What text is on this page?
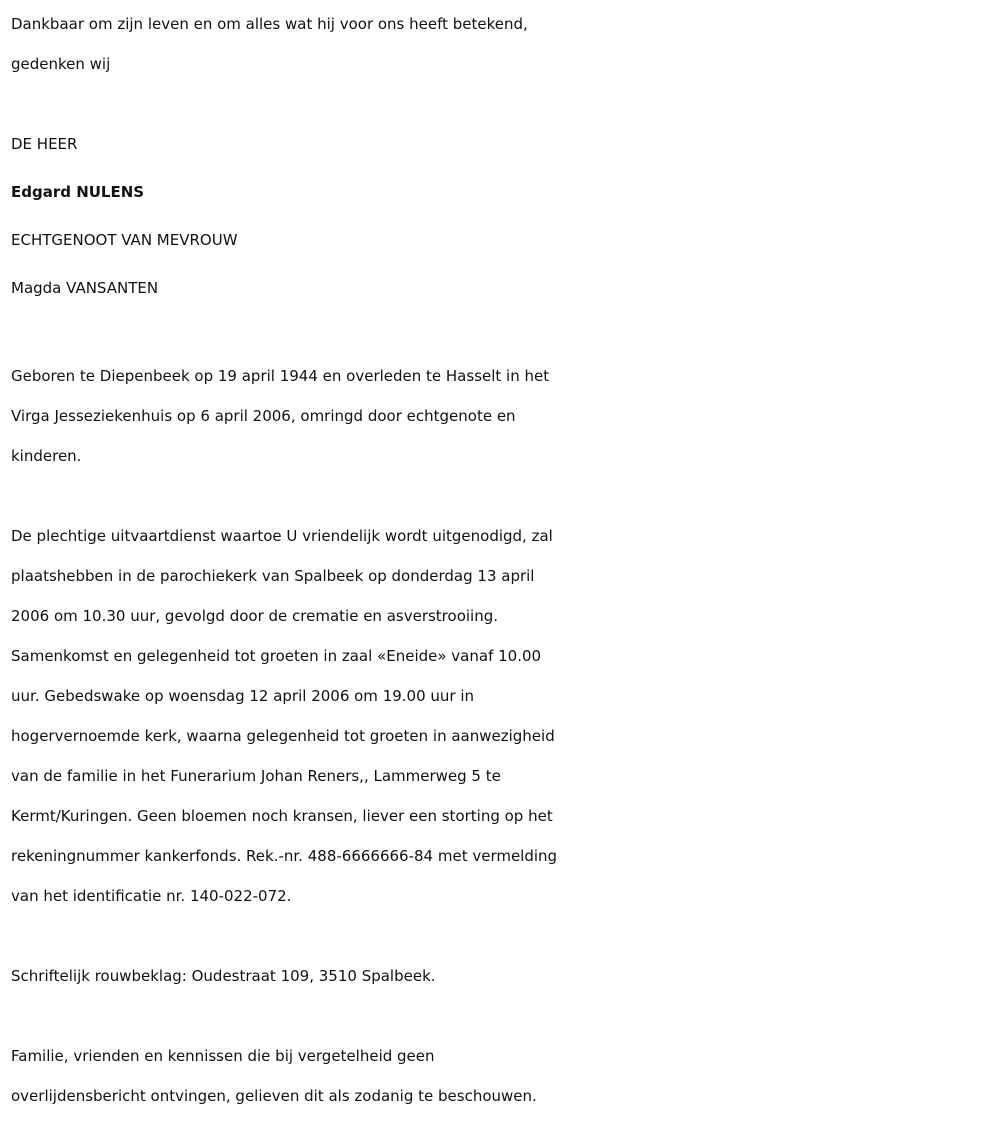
Dankbaar om zijn leven en om alles wat hij voor ons heeft betekend,
gedenken wij
DE HEER
Edgard NULENS
ECHTGENOOT VAN MEVROUW
Magda VANSANTEN
Geboren te Diepenbeek op 19 april 1944 en overleden te Hasselt in het
Virga Jesseziekenhuis op 6 april 2006, omringd door echtgenote en
kinderen.
De plechtige uitvaartdienst waartoe U vriendelijk wordt uitgenodigd, zal
plaatshebben in de parochiekerk van Spalbeek op donderdag 13 april
2006 om 10.30 uur, gevolgd door de crematie en asverstrooiing.
Samenkomst en gelegenheid tot groeten in zaal «Eneide» vanaf 10.00
uur. Gebedswake op woensdag 12 april 2006 om 19.00 uur in
hogervernoemde kerk, waarna gelegenheid tot groeten in aanwezigheid
van de familie in het Funerarium Johan Reners,, Lammerweg 5 te
Kermt/Kuringen. Geen bloemen noch kransen, liever een storting op het
rekeningnummer kankerfonds. Rek.-nr. 488-6666666-84 met vermelding
van het identificatie nr. 140-022-072.
Schriftelijk rouwbeklag: Oudestraat 109, 3510 Spalbeek.
Familie, vrienden en kennissen die bij vergetelheid geen
overlijdensbericht ontvingen, gelieven dit als zodanig te beschouwen.
